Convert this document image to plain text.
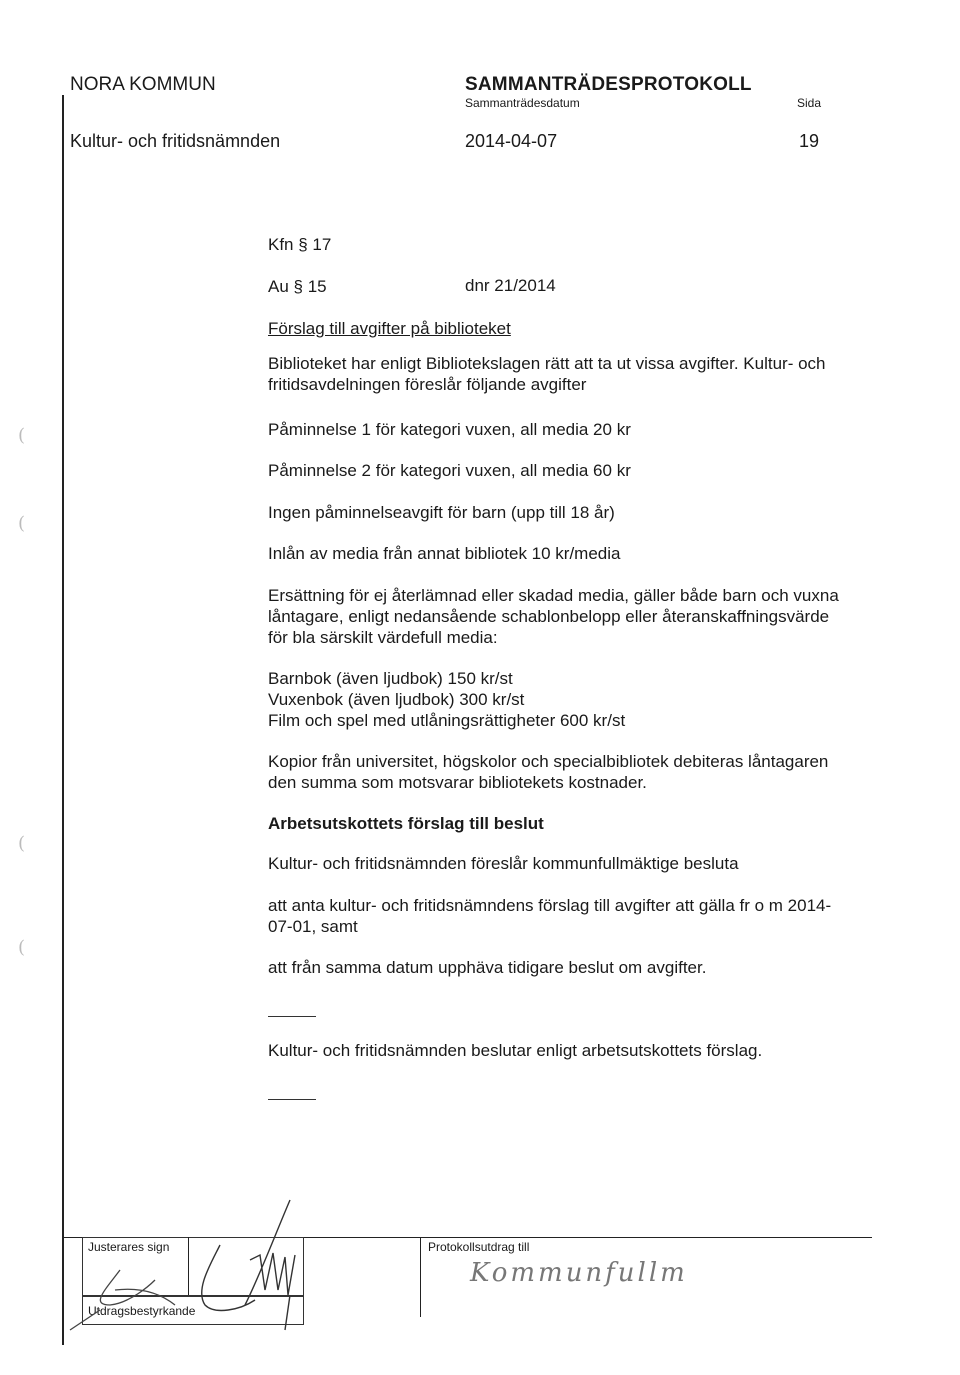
NORA KOMMUN	SAMMANTRÄDESPROTOKOLL
Sammanträdesdatum	Sida
Kultur- och fritidsnämnden	2014-04-07	19
Kfn § 17
Au § 15	dnr 21/2014
Förslag till avgifter på biblioteket
Biblioteket har enligt Bibliotekslagen rätt att ta ut vissa avgifter. Kultur- och fritidsavdelningen föreslår följande avgifter
Påminnelse 1 för kategori vuxen, all media 20 kr
Påminnelse 2 för kategori vuxen, all media 60 kr
Ingen påminnelseavgift för barn (upp till 18 år)
Inlån av media från annat bibliotek 10 kr/media
Ersättning för ej återlämnad eller skadad media, gäller både barn och vuxna låntagare, enligt nedansående schablonbelopp eller återanskaffningsvärde för bla särskilt värdefull media:
Barnbok (även ljudbok) 150 kr/st
Vuxenbok (även ljudbok) 300 kr/st
Film och spel med utlåningsrättigheter 600 kr/st
Kopior från universitet, högskolor och specialbibliotek debiteras låntagaren den summa som motsvarar bibliotekets kostnader.
Arbetsutskottets förslag till beslut
Kultur- och fritidsnämnden föreslår kommunfullmäktige besluta
att anta kultur- och fritidsnämndens förslag till avgifter att gälla fr o m 2014-07-01, samt
att från samma datum upphäva tidigare beslut om avgifter.
Kultur- och fritidsnämnden beslutar enligt arbetsutskottets förslag.
(
(
(
(
Justerares sign
Utdragsbestyrkande
Protokollsutdrag till
Kommunfullm
